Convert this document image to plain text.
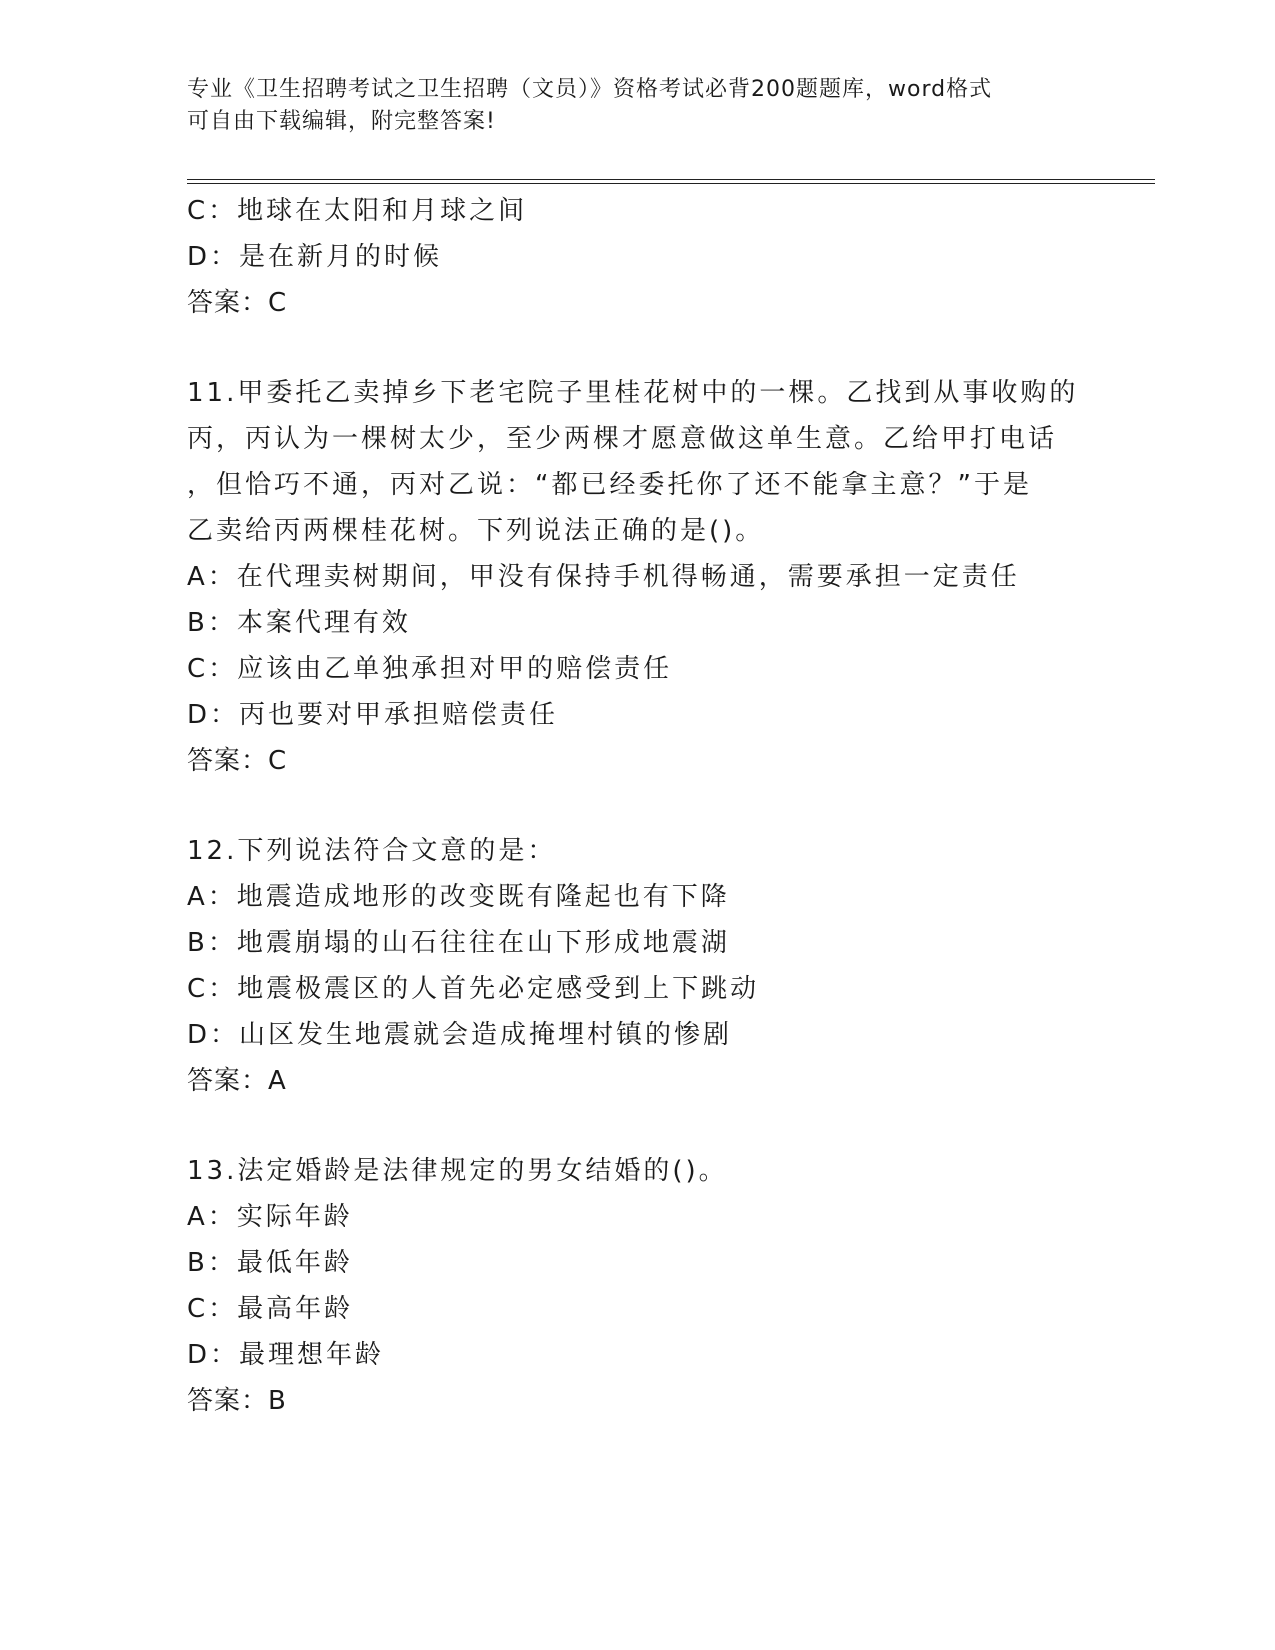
专业《卫生招聘考试之卫生招聘（文员）》资格考试必背200题题库，word格式
可自由下载编辑，附完整答案!
C：地球在太阳和月球之间
D：是在新月的时候
答案：C
11.甲委托乙卖掉乡下老宅院子里桂花树中的一棵。乙找到从事收购的
丙，丙认为一棵树太少，至少两棵才愿意做这单生意。乙给甲打电话
，但恰巧不通，丙对乙说：“都已经委托你了还不能拿主意？”于是
乙卖给丙两棵桂花树。下列说法正确的是()。
A：在代理卖树期间，甲没有保持手机得畅通，需要承担一定责任
B：本案代理有效
C：应该由乙单独承担对甲的赔偿责任
D：丙也要对甲承担赔偿责任
答案：C
12.下列说法符合文意的是：
A：地震造成地形的改变既有隆起也有下降
B：地震崩塌的山石往往在山下形成地震湖
C：地震极震区的人首先必定感受到上下跳动
D：山区发生地震就会造成掩埋村镇的惨剧
答案：A
13.法定婚龄是法律规定的男女结婚的()。
A：实际年龄
B：最低年龄
C：最高年龄
D：最理想年龄
答案：B
